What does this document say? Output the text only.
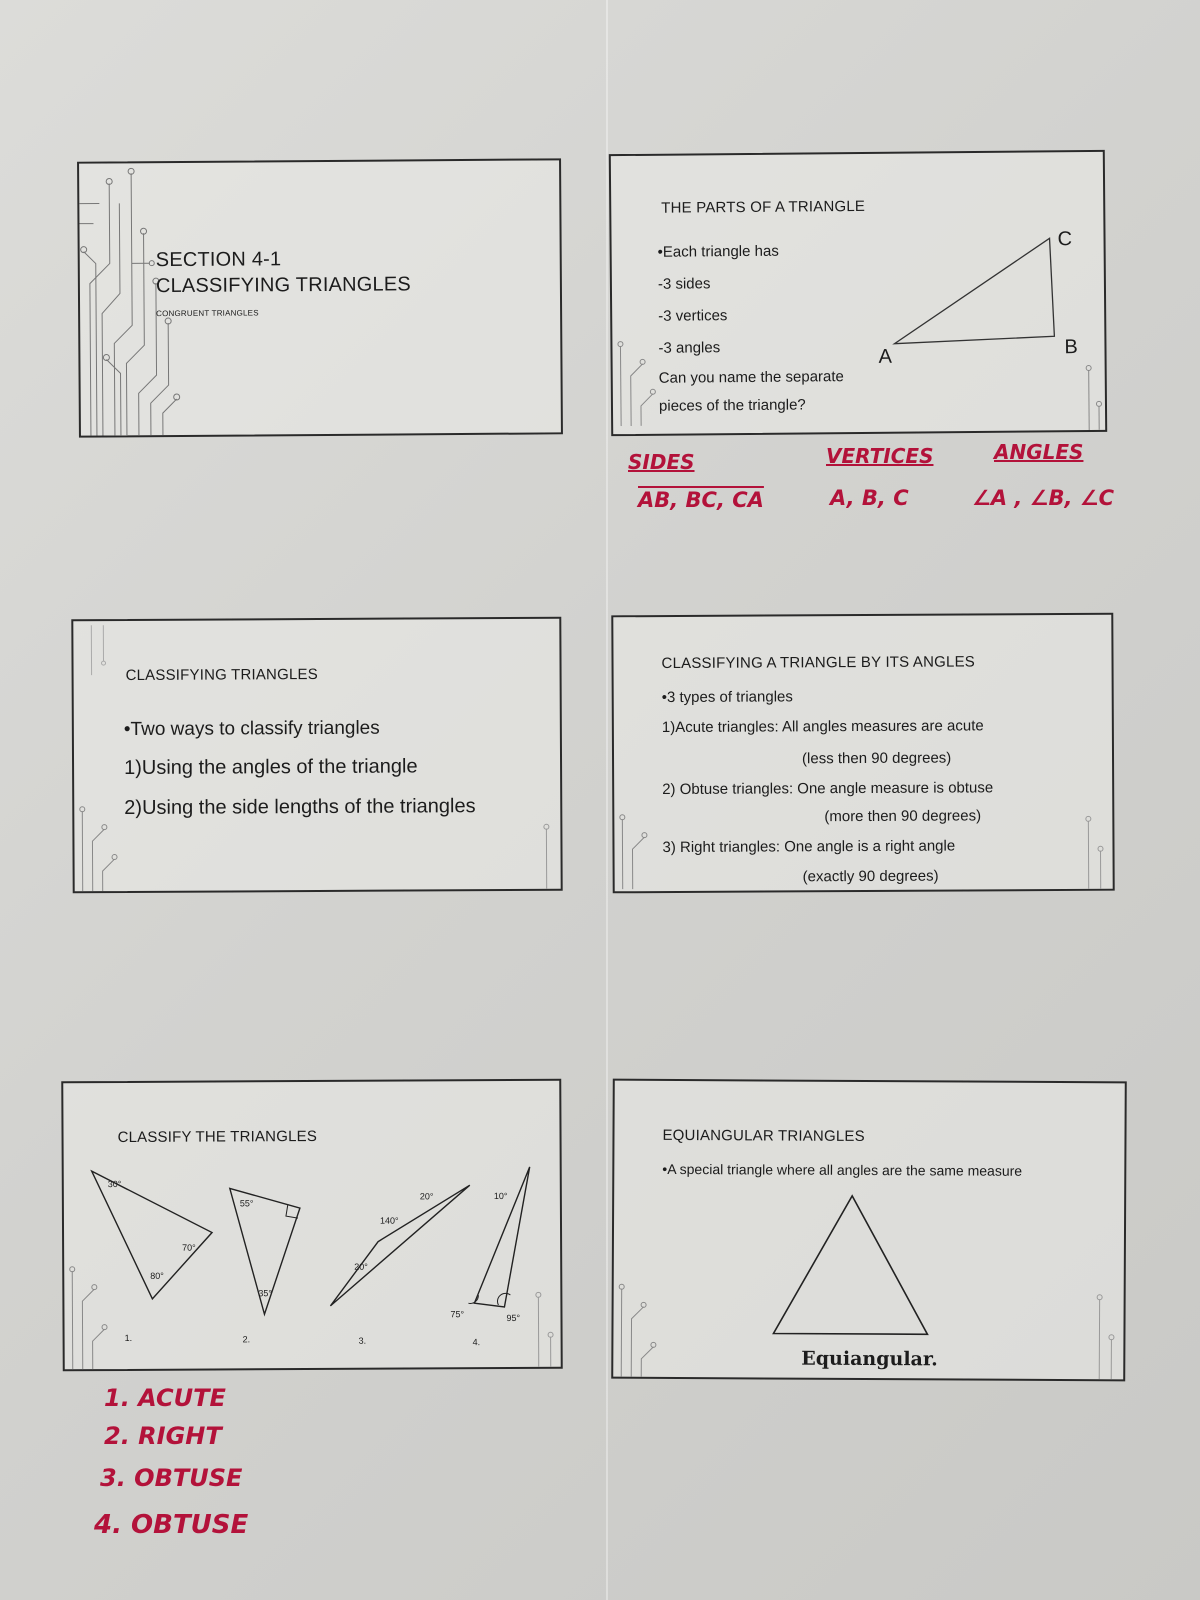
SECTION 4-1
CLASSIFYING TRIANGLES
CONGRUENT TRIANGLES
THE PARTS OF A TRIANGLE
•Each triangle has
-3 sides
-3 vertices
-3 angles
Can you name the separate
pieces of the triangle?
A	B
C
SIDES
AB, BC, CA
VERTICES
A, B, C
ANGLES
∠A , ∠B, ∠C
CLASSIFYING TRIANGLES
•Two ways to classify triangles
1)Using the angles of the triangle
2)Using the side lengths of the triangles
CLASSIFYING A TRIANGLE BY ITS ANGLES
•3 types of triangles
1)Acute triangles: All angles measures are acute
(less then 90 degrees)
2) Obtuse triangles: One angle measure is obtuse
(more then 90 degrees)
3) Right triangles: One angle is a right angle
(exactly 90 degrees)
CLASSIFY THE TRIANGLES
30°
70°
80°
55°
35°
20°
140°
20°
10°
75°	95°
1.	2.	3.	4.
1. ACUTE
2. RIGHT
3. OBTUSE
4. OBTUSE
EQUIANGULAR TRIANGLES
•A special triangle where all angles are the same measure
Equiangular.
